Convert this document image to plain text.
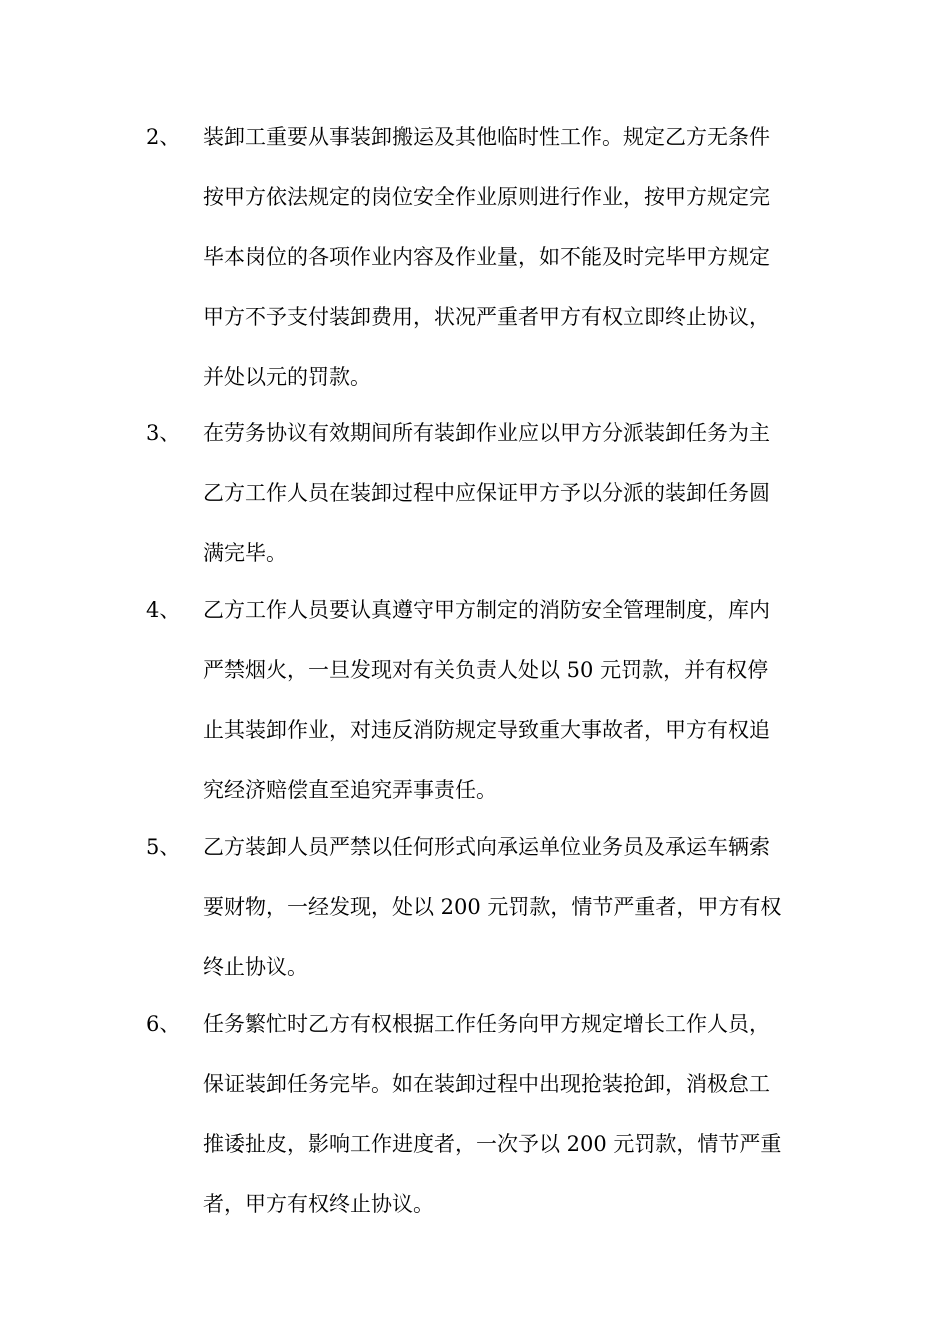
2、 装卸工重要从事装卸搬运及其他临时性工作。规定乙方无条件
按甲方依法规定的岗位安全作业原则进行作业，按甲方规定完
毕本岗位的各项作业内容及作业量，如不能及时完毕甲方规定
甲方不予支付装卸费用，状况严重者甲方有权立即终止协议，
并处以元的罚款。
3、 在劳务协议有效期间所有装卸作业应以甲方分派装卸任务为主
乙方工作人员在装卸过程中应保证甲方予以分派的装卸任务圆
满完毕。
4、 乙方工作人员要认真遵守甲方制定的消防安全管理制度，库内
严禁烟火，一旦发现对有关负责人处以 50 元罚款，并有权停
止其装卸作业，对违反消防规定导致重大事故者，甲方有权追
究经济赔偿直至追究弄事责任。
5、 乙方装卸人员严禁以任何形式向承运单位业务员及承运车辆索
要财物，一经发现，处以 200 元罚款，情节严重者，甲方有权
终止协议。
6、 任务繁忙时乙方有权根据工作任务向甲方规定增长工作人员，
保证装卸任务完毕。如在装卸过程中出现抢装抢卸，消极怠工
推诿扯皮，影响工作进度者，一次予以 200 元罚款，情节严重
者，甲方有权终止协议。
